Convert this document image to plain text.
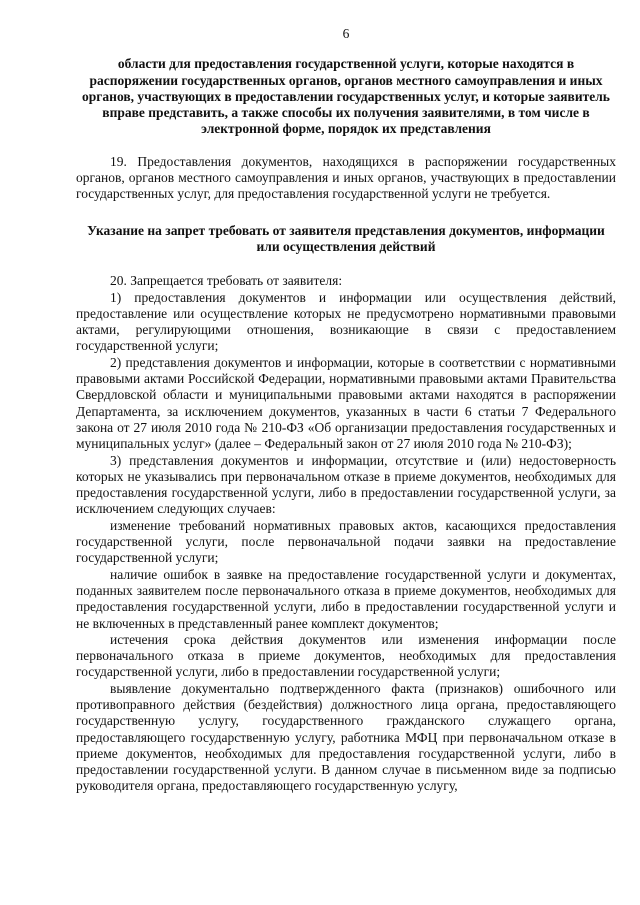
6
области для предоставления государственной услуги, которые находятся в распоряжении государственных органов, органов местного самоуправления и иных органов, участвующих в предоставлении государственных услуг, и которые заявитель вправе представить, а также способы их получения заявителями, в том числе в электронной форме, порядок их представления

19. Предоставления документов, находящихся в распоряжении государственных органов, органов местного самоуправления и иных органов, участвующих в предоставлении государственных услуг, для предоставления государственной услуги не требуется.

Указание на запрет требовать от заявителя представления документов, информации или осуществления действий

20. Запрещается требовать от заявителя:

1) предоставления документов и информации или осуществления действий, предоставление или осуществление которых не предусмотрено нормативными правовыми актами, регулирующими отношения, возникающие в связи с предоставлением государственной услуги;

2) представления документов и информации, которые в соответствии с нормативными правовыми актами Российской Федерации, нормативными правовыми актами Правительства Свердловской области и муниципальными правовыми актами находятся в распоряжении Департамента, за исключением документов, указанных в части 6 статьи 7 Федерального закона от 27 июля 2010 года № 210-ФЗ «Об организации предоставления государственных и муниципальных услуг» (далее – Федеральный закон от 27 июля 2010 года № 210-ФЗ);

3) представления документов и информации, отсутствие и (или) недостоверность которых не указывались при первоначальном отказе в приеме документов, необходимых для предоставления государственной услуги, либо в предоставлении государственной услуги, за исключением следующих случаев:

изменение требований нормативных правовых актов, касающихся предоставления государственной услуги, после первоначальной подачи заявки на предоставление государственной услуги;

наличие ошибок в заявке на предоставление государственной услуги и документах, поданных заявителем после первоначального отказа в приеме документов, необходимых для предоставления государственной услуги, либо в предоставлении государственной услуги и не включенных в представленный ранее комплект документов;

истечения срока действия документов или изменения информации после первоначального отказа в приеме документов, необходимых для предоставления государственной услуги, либо в предоставлении государственной услуги;

выявление документально подтвержденного факта (признаков) ошибочного или противоправного действия (бездействия) должностного лица органа, предоставляющего государственную услугу, государственного гражданского служащего органа, предоставляющего государственную услугу, работника МФЦ при первоначальном отказе в приеме документов, необходимых для предоставления государственной услуги, либо в предоставлении государственной услуги. В данном случае в письменном виде за подписью руководителя органа, предоставляющего государственную услугу,
